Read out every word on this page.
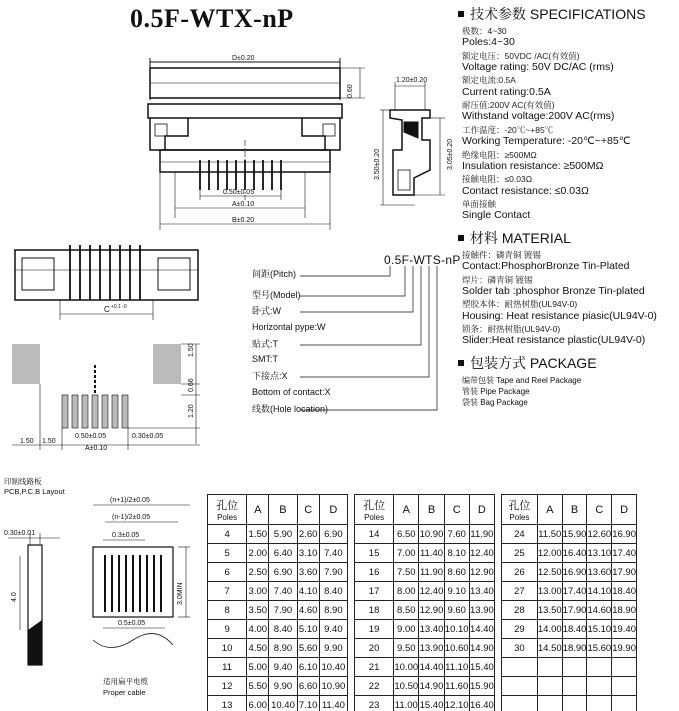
0.5F-WTX-nP
D±0.20
0.60
1.20±0.20
3.50±0.20	3.05±0.20
0.50±0.05
A±0.10
B±0.20
C +0.1 -0
1.50
0.66
1.20
1.50 1.50
0.50±0.05	0.30±0.05
A±0.10
印制线路板
PCB,P.C.B Layout
0.30±0.01
4.0
(n+1)/2±0.05
(n-1)/2±0.05
0.3±0.05
3.0MIN
0.5±0.05
适用扁平电缆
Proper cable
0.5F-WTS-nP
间距(Pitch)
型号(Model)
卧式:W
Horizontal pype:W
贴式:T
SMT:T
下接点:X
Bottom of contact:X
线数(Hole location)
技术参数 SPECIFICATIONS
极数：4~30
Poles:4~30
额定电压：50VDC /AC(有效值)
Voltage rating: 50V DC/AC (rms)
额定电流:0.5A
Current rating:0.5A
耐压值:200V AC(有效值)
Withstand voltage:200V AC(rms)
工作温度：-20℃~+85℃
Working Temperature: -20℃~+85℃
绝缘电阻：≥500MΩ
Insulation resistance: ≥500MΩ
接触电阻：≤0.03Ω
Contact resistance: ≤0.03Ω
单面接触
Single Contact
材料 MATERIAL
接触件：磷青铜 镀锡
Contact:PhosphorBronze Tin-Plated
焊片：磷青铜 镀锡
Solder tab :phosphor Bronze Tin-plated
塑胶本体：耐热树脂(UL94V-0)
Housing: Heat resistance piasic(UL94V-0)
锁条：耐热树脂(UL94V-0)
Slider:Heat resistance plastic(UL94V-0)
包装方式 PACKAGE
编带包装 Tape and Reel Package
管装 Pipe Package
袋装 Bag Package
孔位
Poles	A	B	C	D
4	1.50	5.90	2.60	6.90
5	2.00	6.40	3.10	7.40
6	2.50	6.90	3.60	7.90
7	3.00	7.40	4.10	8.40
8	3.50	7.90	4.60	8.90
9	4.00	8.40	5.10	9.40
10	4.50	8.90	5.60	9.90
11	5.00	9.40	6.10	10.40
12	5.50	9.90	6.60	10.90
13	6.00	10.40	7.10	11.40
孔位
Poles	A	B	C	D
14	6.50	10.90	7.60	11.90
15	7.00	11.40	8.10	12.40
16	7.50	11.90	8.60	12.90
17	8.00	12.40	9.10	13.40
18	8.50	12.90	9.60	13.90
19	9.00	13.40	10.10	14.40
20	9.50	13.90	10.60	14.90
21	10.00	14.40	11.10	15.40
22	10.50	14.90	11.60	15.90
23	11.00	15.40	12.10	16.40
孔位
Poles	A	B	C	D
24	11.50	15.90	12.60	16.90
25	12.00	16.40	13.10	17.40
26	12.50	16.90	13.60	17.90
27	13.00	17.40	14.10	18.40
28	13.50	17.90	14.60	18.90
29	14.00	18.40	15.10	19.40
30	14.50	18.90	15.60	19.90
